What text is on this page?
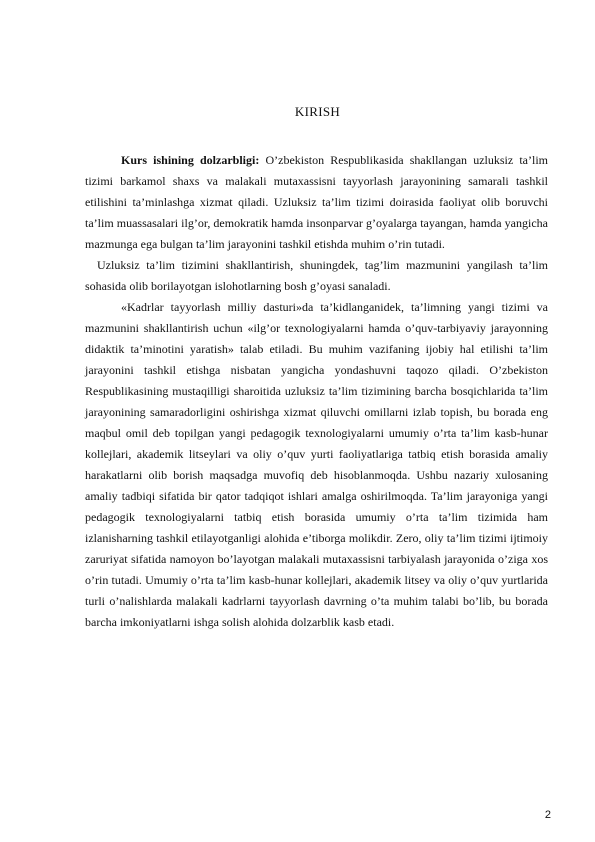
KIRISH

Kurs ishining dolzarbligi: O’zbekiston Respublikasida shakllangan uzluksiz ta’lim tizimi barkamol shaxs va malakali mutaxassisni tayyorlash jarayonining samarali tashkil etilishini ta’minlashga xizmat qiladi. Uzluksiz ta’lim tizimi doirasida faoliyat olib boruvchi ta’lim muassasalari ilg’or, demokratik hamda insonparvar g’oyalarga tayangan, hamda yangicha mazmunga ega bulgan ta’lim jarayonini tashkil etishda muhim o’rin tutadi.

Uzluksiz ta’lim tizimini shakllantirish, shuningdek, tag’lim mazmunini yangilash ta’lim sohasida olib borilayotgan islohotlarning bosh g’oyasi sanaladi.

«Kadrlar tayyorlash milliy dasturi»da ta’kidlanganidek, ta’limning yangi tizimi va mazmunini shakllantirish uchun «ilg’or texnologiyalarni hamda o’quv-tarbiyaviy jarayonning didaktik ta’minotini yaratish» talab etiladi. Bu muhim vazifaning ijobiy hal etilishi ta’lim jarayonini tashkil etishga nisbatan yangicha yondashuvni taqozo qiladi. O’zbekiston Respublikasining mustaqilligi sharoitida uzluksiz ta’lim tizimining barcha bosqichlarida ta’lim jarayonining samaradorligini oshirishga xizmat qiluvchi omillarni izlab topish, bu borada eng maqbul omil deb topilgan yangi pedagogik texnologiyalarni umumiy o’rta ta’lim kasb-hunar kollejlari, akademik litseylari va oliy o’quv yurti faoliyatlariga tatbiq etish borasida amaliy harakatlarni olib borish maqsadga muvofiq deb hisoblanmoqda. Ushbu nazariy xulosaning amaliy tadbiqi sifatida bir qator tadqiqot ishlari amalga oshirilmoqda. Ta’lim jarayoniga yangi pedagogik texnologiyalarni tatbiq etish borasida umumiy o’rta ta’lim tizimida ham izlanisharning tashkil etilayotganligi alohida e’tiborga molikdir. Zero, oliy ta’lim tizimi ijtimoiy zaruriyat sifatida namoyon bo’layotgan malakali mutaxassisni tarbiyalash jarayonida o’ziga xos o’rin tutadi. Umumiy o’rta ta’lim kasb-hunar kollejlari, akademik litsey va oliy o’quv yurtlarida turli o’nalishlarda malakali kadrlarni tayyorlash davrning o’ta muhim talabi bo’lib, bu borada barcha imkoniyatlarni ishga solish alohida dolzarblik kasb etadi.

2
